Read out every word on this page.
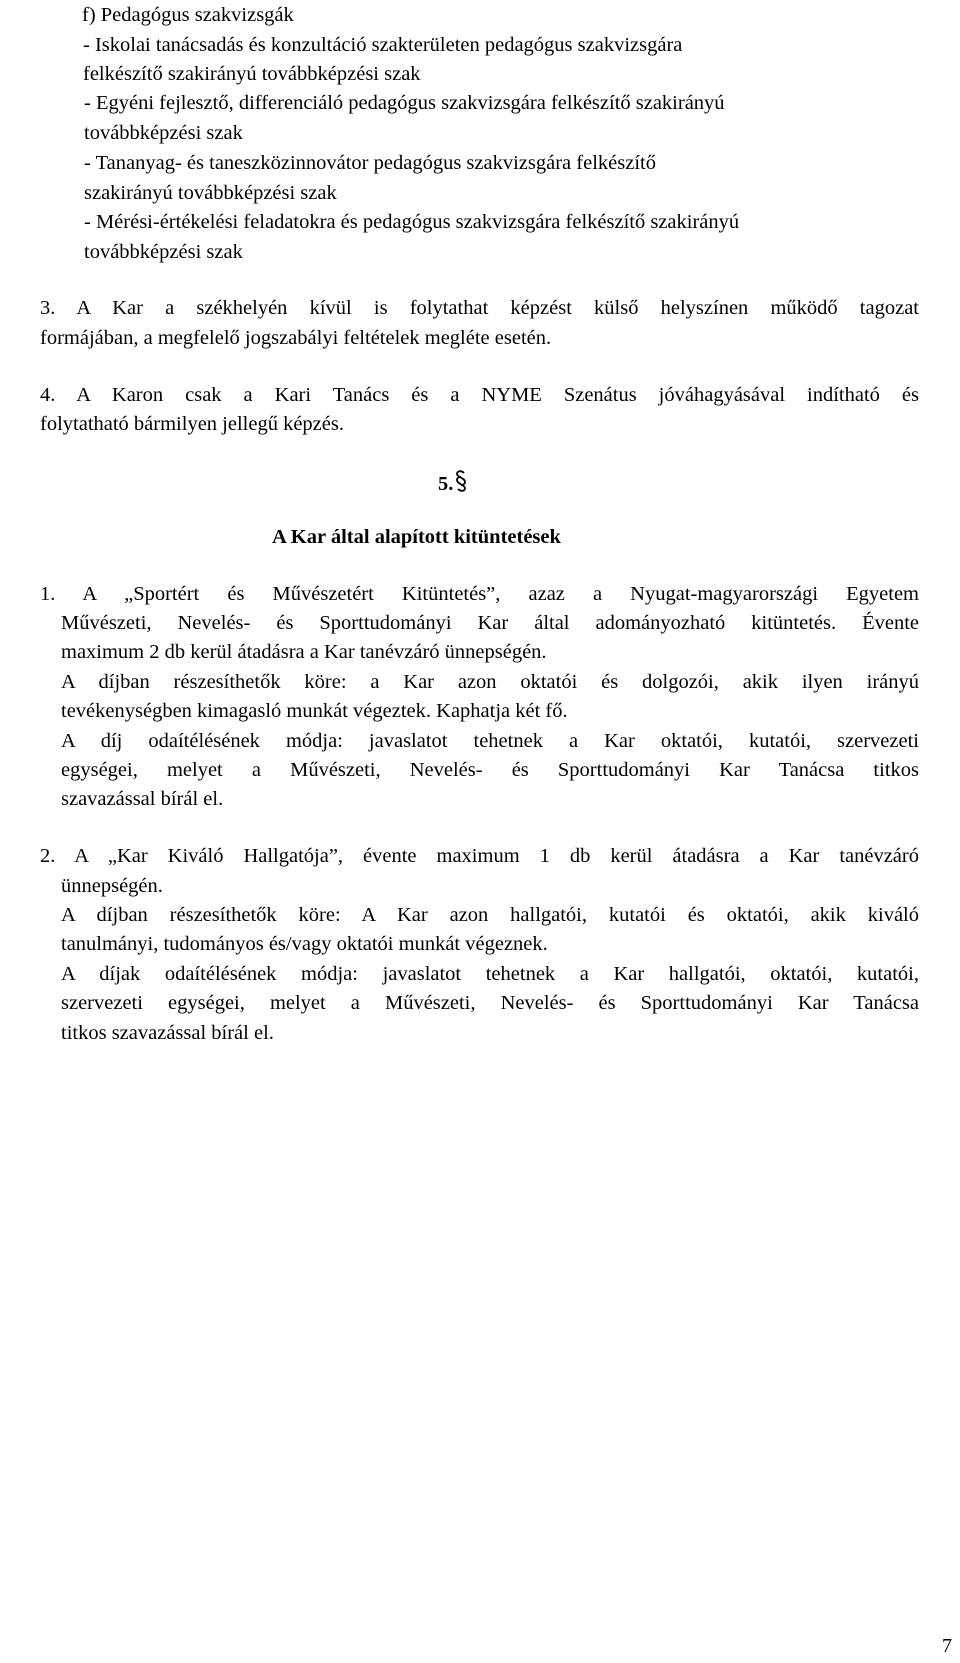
f) Pedagógus szakvizsgák
- Iskolai tanácsadás és konzultáció szakterületen pedagógus szakvizsgára
felkészítő szakirányú továbbképzési szak
- Egyéni fejlesztő, differenciáló pedagógus szakvizsgára felkészítő szakirányú
továbbképzési szak
- Tananyag- és taneszközinnovátor pedagógus szakvizsgára felkészítő
szakirányú továbbképzési szak
- Mérési-értékelési feladatokra és pedagógus szakvizsgára felkészítő szakirányú
továbbképzési szak
3. A Kar a székhelyén kívül is folytathat képzést külső helyszínen működő tagozat
formájában, a megfelelő jogszabályi feltételek megléte esetén.
4. A Karon csak a Kari Tanács és a NYME Szenátus jóváhagyásával indítható és
folytatható bármilyen jellegű képzés.
5.
A Kar által alapított kitüntetések
1. A „Sportért és Művészetért Kitüntetés”, azaz a Nyugat-magyarországi Egyetem
Művészeti, Nevelés- és Sporttudományi Kar által adományozható kitüntetés. Évente
maximum 2 db kerül átadásra a Kar tanévzáró ünnepségén.
A díjban részesíthetők köre: a Kar azon oktatói és dolgozói, akik ilyen irányú
tevékenységben kimagasló munkát végeztek. Kaphatja két fő.
A díj odaítélésének módja: javaslatot tehetnek a Kar oktatói, kutatói, szervezeti
egységei, melyet a Művészeti, Nevelés- és Sporttudományi Kar Tanácsa titkos
szavazással bírál el.
2. A „Kar Kiváló Hallgatója”, évente maximum 1 db kerül átadásra a Kar tanévzáró
ünnepségén.
A díjban részesíthetők köre: A Kar azon hallgatói, kutatói és oktatói, akik kiváló
tanulmányi, tudományos és/vagy oktatói munkát végeznek.
A díjak odaítélésének módja: javaslatot tehetnek a Kar hallgatói, oktatói, kutatói,
szervezeti egységei, melyet a Művészeti, Nevelés- és Sporttudományi Kar Tanácsa
titkos szavazással bírál el.
7
